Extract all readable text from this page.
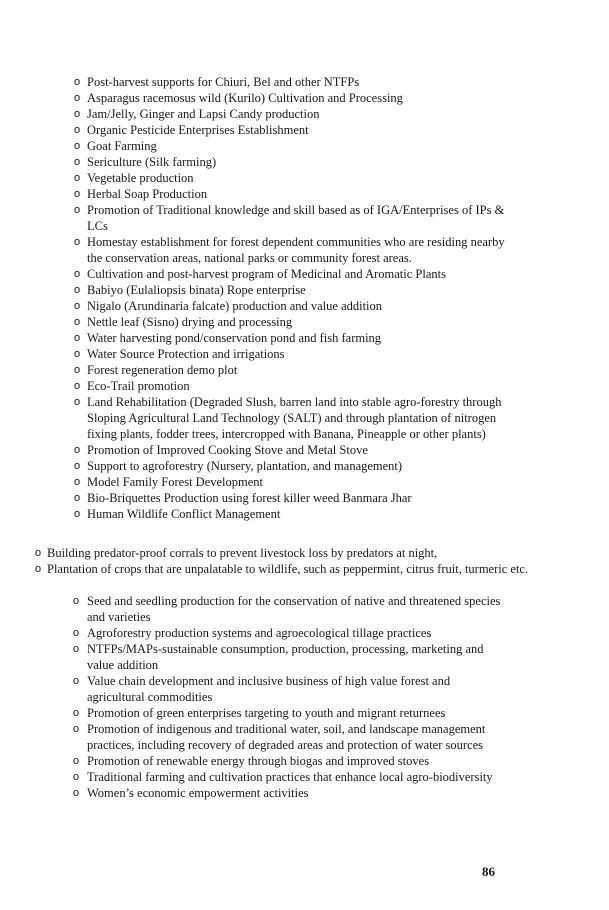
o Post-harvest supports for Chiuri, Bel and other NTFPs
o Asparagus racemosus wild (Kurilo) Cultivation and Processing
o Jam/Jelly, Ginger and Lapsi Candy production
o Organic Pesticide Enterprises Establishment
o Goat Farming
o Sericulture (Silk farming)
o Vegetable production
o Herbal Soap Production
o Promotion of Traditional knowledge and skill based as of IGA/Enterprises of IPs & LCs
o Homestay establishment for forest dependent communities who are residing nearby the conservation areas, national parks or community forest areas.
o Cultivation and post-harvest program of Medicinal and Aromatic Plants
o Babiyo (Eulaliopsis binata) Rope enterprise
o Nigalo (Arundinaria falcate) production and value addition
o Nettle leaf (Sisno) drying and processing
o Water harvesting pond/conservation pond and fish farming
o Water Source Protection and irrigations
o Forest regeneration demo plot
o Eco-Trail promotion
o Land Rehabilitation (Degraded Slush, barren land into stable agro-forestry through Sloping Agricultural Land Technology (SALT) and through plantation of nitrogen fixing plants, fodder trees, intercropped with Banana, Pineapple or other plants)
o Promotion of Improved Cooking Stove and Metal Stove
o Support to agroforestry (Nursery, plantation, and management)
o Model Family Forest Development
o Bio-Briquettes Production using forest killer weed Banmara Jhar
o Human Wildlife Conflict Management
o Building predator-proof corrals to prevent livestock loss by predators at night,
o Plantation of crops that are unpalatable to wildlife, such as peppermint, citrus fruit, turmeric etc.
o Seed and seedling production for the conservation of native and threatened species and varieties
o Agroforestry production systems and agroecological tillage practices
o NTFPs/MAPs-sustainable consumption, production, processing, marketing and value addition
o Value chain development and inclusive business of high value forest and agricultural commodities
o Promotion of green enterprises targeting to youth and migrant returnees
o Promotion of indigenous and traditional water, soil, and landscape management practices, including recovery of degraded areas and protection of water sources
o Promotion of renewable energy through biogas and improved stoves
o Traditional farming and cultivation practices that enhance local agro-biodiversity
o Women’s economic empowerment activities
86
